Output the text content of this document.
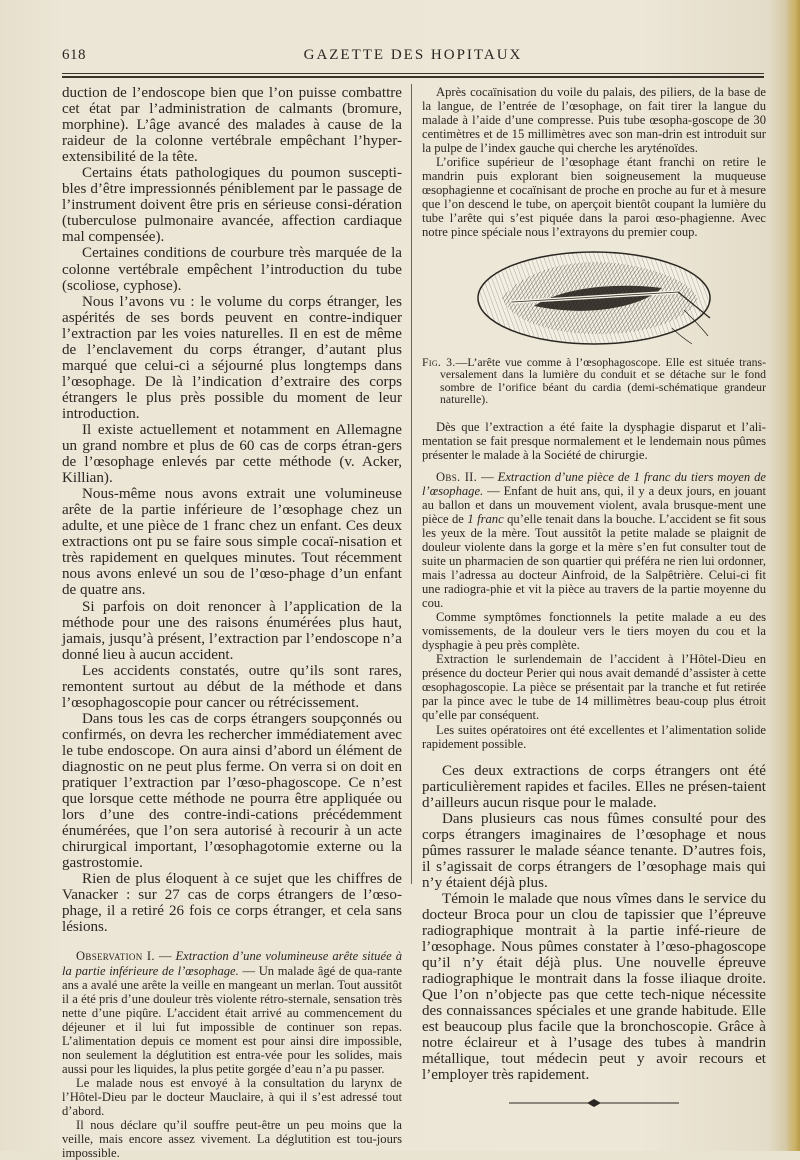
618	GAZETTE DES HOPITAUX

duction de l’endoscope bien que l’on puisse combattre cet état par l’administration de calmants (bromure, morphine). L’âge avancé des malades à cause de la raideur de la colonne vertébrale empêchant l’hyper-extensibilité de la tête.

Certains états pathologiques du poumon suscepti-bles d’être impressionnés péniblement par le passage de l’instrument doivent être pris en sérieuse consi-dération (tuberculose pulmonaire avancée, affection cardiaque mal compensée).

Certaines conditions de courbure très marquée de la colonne vertébrale empêchent l’introduction du tube (scoliose, cyphose).

Nous l’avons vu : le volume du corps étranger, les aspérités de ses bords peuvent en contre-indiquer l’extraction par les voies naturelles. Il en est de même de l’enclavement du corps étranger, d’autant plus marqué que celui-ci a séjourné plus longtemps dans l’œsophage. De là l’indication d’extraire des corps étrangers le plus près possible du moment de leur introduction.

Il existe actuellement et notamment en Allemagne un grand nombre et plus de 60 cas de corps étran-gers de l’œsophage enlevés par cette méthode (v. Acker, Killian).

Nous-même nous avons extrait une volumineuse arête de la partie inférieure de l’œsophage chez un adulte, et une pièce de 1 franc chez un enfant. Ces deux extractions ont pu se faire sous simple cocaï-nisation et très rapidement en quelques minutes. Tout récemment nous avons enlevé un sou de l’œso-phage d’un enfant de quatre ans.

Si parfois on doit renoncer à l’application de la méthode pour une des raisons énumérées plus haut, jamais, jusqu’à présent, l’extraction par l’endoscope n’a donné lieu à aucun accident.

Les accidents constatés, outre qu’ils sont rares, remontent surtout au début de la méthode et dans l’œsophagoscopie pour cancer ou rétrécissement.

Dans tous les cas de corps étrangers soupçonnés ou confirmés, on devra les rechercher immédiatement avec le tube endoscope. On aura ainsi d’abord un élément de diagnostic on ne peut plus ferme. On verra si on doit en pratiquer l’extraction par l’œso-phagoscope. Ce n’est que lorsque cette méthode ne pourra être appliquée ou lors d’une des contre-indi-cations précédemment énumérées, que l’on sera autorisé à recourir à un acte chirurgical important, l’œsophagotomie externe ou la gastrostomie.

Rien de plus éloquent à ce sujet que les chiffres de Vanacker : sur 27 cas de corps étrangers de l’œso-phage, il a retiré 26 fois ce corps étranger, et cela sans lésions.

Observation I. — Extraction d’une volumineuse arête située à la partie inférieure de l’œsophage. — Un malade âgé de qua-rante ans a avalé une arête la veille en mangeant un merlan. Tout aussitôt il a été pris d’une douleur très violente rétro-sternale, sensation très nette d’une piqûre. L’accident était arrivé au commencement du déjeuner et il lui fut impossible de continuer son repas. L’alimentation depuis ce moment est pour ainsi dire impossible, non seulement la déglutition est entra-vée pour les solides, mais aussi pour les liquides, la plus petite gorgée d’eau n’a pu passer.

Le malade nous est envoyé à la consultation du larynx de l’Hôtel-Dieu par le docteur Mauclaire, à qui il s’est adressé tout d’abord.

Il nous déclare qu’il souffre peut-être un peu moins que la veille, mais encore assez vivement. La déglutition est tou-jours impossible.

Après cocaïnisation du voile du palais, des piliers, de la base de la langue, de l’entrée de l’œsophage, on fait tirer la langue du malade à l’aide d’une compresse. Puis tube œsopha-goscope de 30 centimètres et de 15 millimètres avec son man-drin est introduit sur la pulpe de l’index gauche qui cherche les aryténoïdes.

L’orifice supérieur de l’œsophage étant franchi on retire le mandrin puis explorant bien soigneusement la muqueuse œsophagienne et cocaïnisant de proche en proche au fur et à mesure que l’on descend le tube, on aperçoit bientôt coupant la lumière du tube l’arête qui s’est piquée dans la paroi œso-phagienne. Avec notre pince spéciale nous l’extrayons du premier coup.

Fig. 3.—L’arête vue comme à l’œsophagoscope. Elle est située trans-versalement dans la lumière du conduit et se détache sur le fond sombre de l’orifice béant du cardia (demi-schématique grandeur naturelle).

Dès que l’extraction a été faite la dysphagie disparut et l’ali-mentation se fait presque normalement et le lendemain nous pûmes présenter le malade à la Société de chirurgie.

Obs. II. — Extraction d’une pièce de 1 franc du tiers moyen de l’œsophage. — Enfant de huit ans, qui, il y a deux jours, en jouant au ballon et dans un mouvement violent, avala brusque-ment une pièce de 1 franc qu’elle tenait dans la bouche. L’accident se fit sous les yeux de la mère. Tout aussitôt la petite malade se plaignit de douleur violente dans la gorge et la mère s’en fut consulter tout de suite un pharmacien de son quartier qui préféra ne rien lui ordonner, mais l’adressa au docteur Ainfroid, de la Salpêtrière. Celui-ci fit une radiogra-phie et vit la pièce au travers de la partie moyenne du cou.

Comme symptômes fonctionnels la petite malade a eu des vomissements, de la douleur vers le tiers moyen du cou et la dysphagie à peu près complète.

Extraction le surlendemain de l’accident à l’Hôtel-Dieu en présence du docteur Perier qui nous avait demandé d’assister à cette œsophagoscopie. La pièce se présentait par la tranche et fut retirée par la pince avec le tube de 14 millimètres beau-coup plus étroit qu’elle par conséquent.

Les suites opératoires ont été excellentes et l’alimentation solide rapidement possible.

Ces deux extractions de corps étrangers ont été particulièrement rapides et faciles. Elles ne présen-taient d’ailleurs aucun risque pour le malade.

Dans plusieurs cas nous fûmes consulté pour des corps étrangers imaginaires de l’œsophage et nous pûmes rassurer le malade séance tenante. D’autres fois, il s’agissait de corps étrangers de l’œsophage mais qui n’y étaient déjà plus.

Témoin le malade que nous vîmes dans le service du docteur Broca pour un clou de tapissier que l’épreuve radiographique montrait à la partie infé-rieure de l’œsophage. Nous pûmes constater à l’œso-phagoscope qu’il n’y était déjà plus. Une nouvelle épreuve radiographique le montrait dans la fosse iliaque droite. Que l’on n’objecte pas que cette tech-nique nécessite des connaissances spéciales et une grande habitude. Elle est beaucoup plus facile que la bronchoscopie. Grâce à notre éclaireur et à l’usage des tubes à mandrin métallique, tout médecin peut y avoir recours et l’employer très rapidement.
